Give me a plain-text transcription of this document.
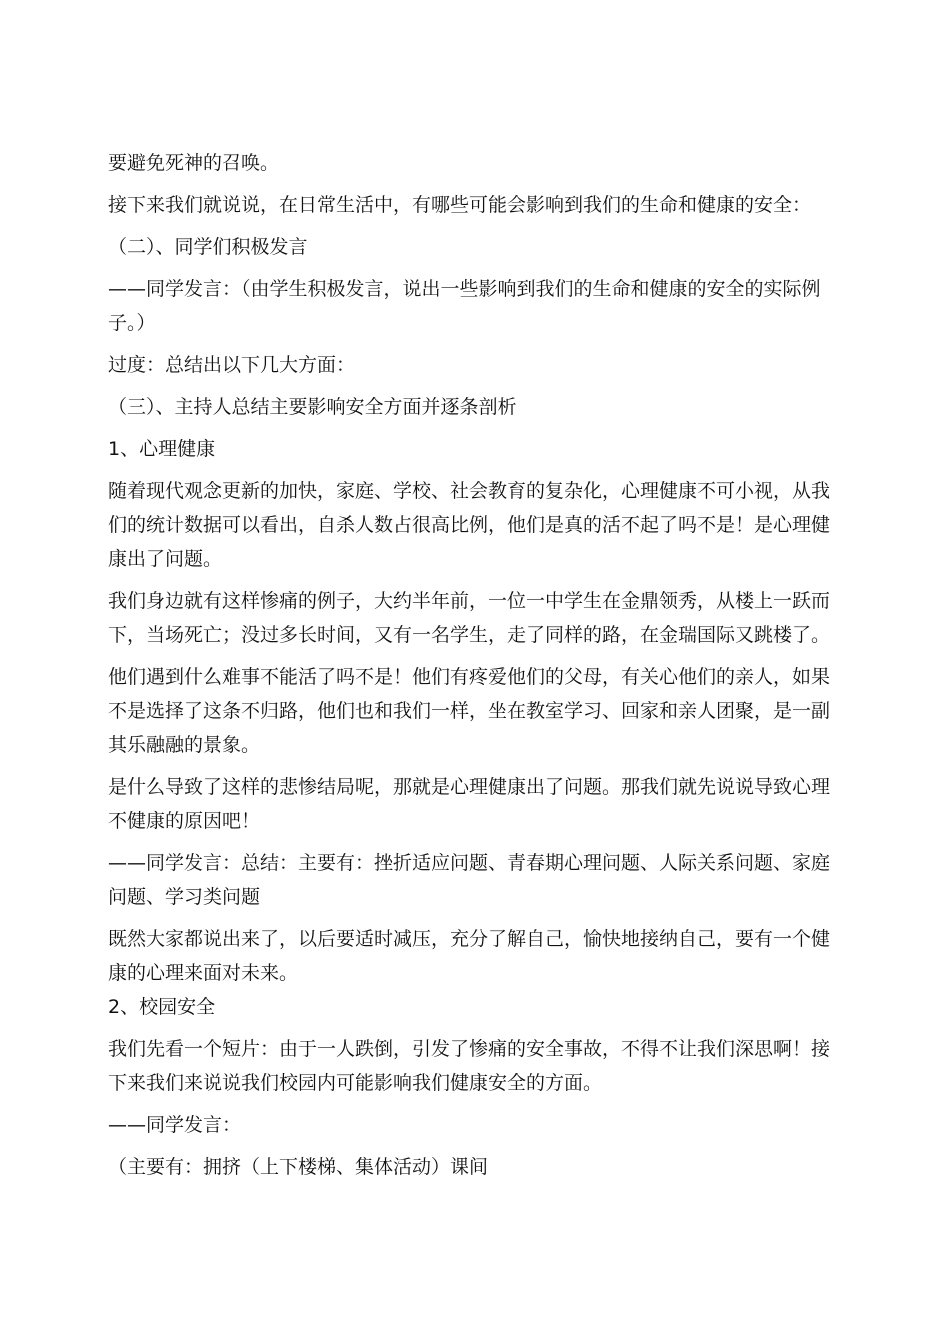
要避免死神的召唤。

接下来我们就说说，在日常生活中，有哪些可能会影响到我们的生命和健康的安全：

（二）、同学们积极发言

——同学发言：（由学生积极发言，说出一些影响到我们的生命和健康的安全的实际例子。）

过度：总结出以下几大方面：

（三）、主持人总结主要影响安全方面并逐条剖析

1、心理健康

随着现代观念更新的加快，家庭、学校、社会教育的复杂化，心理健康不可小视，从我们的统计数据可以看出，自杀人数占很高比例，他们是真的活不起了吗不是！是心理健康出了问题。

我们身边就有这样惨痛的例子，大约半年前，一位一中学生在金鼎领秀，从楼上一跃而下，当场死亡；没过多长时间，又有一名学生，走了同样的路，在金瑞国际又跳楼了。

他们遇到什么难事不能活了吗不是！他们有疼爱他们的父母，有关心他们的亲人，如果不是选择了这条不归路，他们也和我们一样，坐在教室学习、回家和亲人团聚，是一副其乐融融的景象。

是什么导致了这样的悲惨结局呢，那就是心理健康出了问题。那我们就先说说导致心理不健康的原因吧！

——同学发言：总结：主要有：挫折适应问题、青春期心理问题、人际关系问题、家庭问题、学习类问题

既然大家都说出来了，以后要适时减压，充分了解自己，愉快地接纳自己，要有一个健康的心理来面对未来。

2、校园安全

我们先看一个短片：由于一人跌倒，引发了惨痛的安全事故，不得不让我们深思啊！接下来我们来说说我们校园内可能影响我们健康安全的方面。

——同学发言：

（主要有：拥挤（上下楼梯、集体活动）课间
